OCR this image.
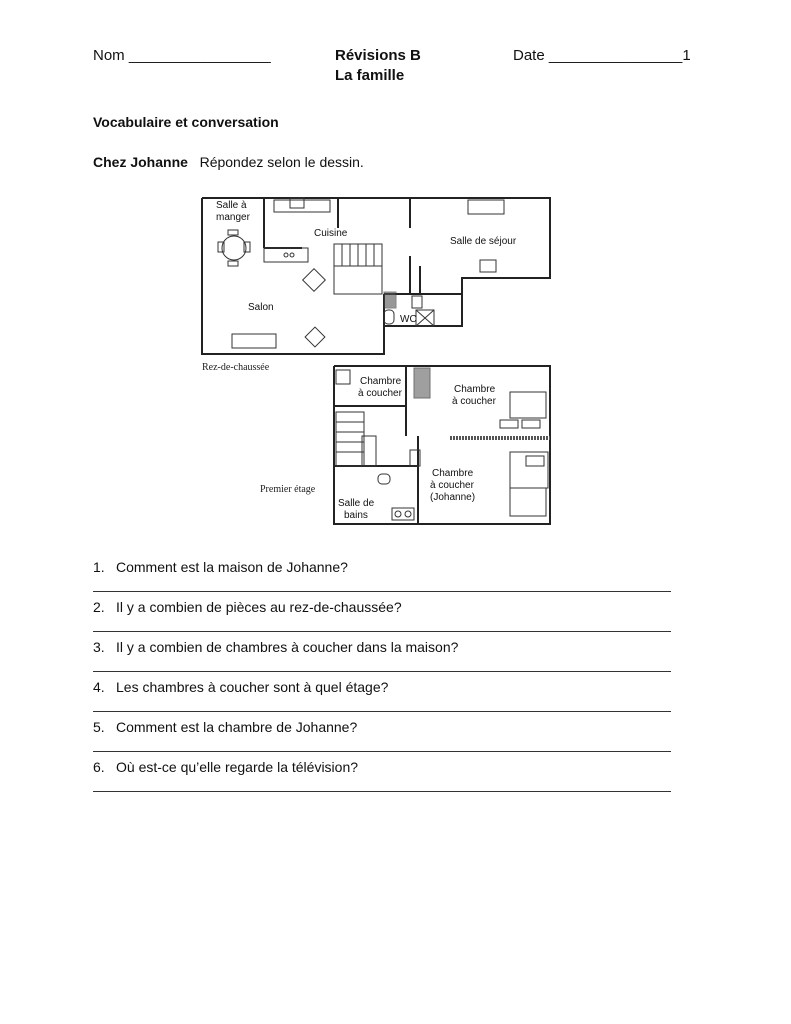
Nom _________________	Révisions B
La famille
Date ________________1
Vocabulaire et conversation
Chez Johanne Répondez selon le dessin.
Salle à
manger
Cuisine
Salle de séjour
Salon
WC
Chambre
à coucher	Chambre
à coucher
Chambre
à coucher
(Johanne)
Salle de
bains
Rez-de-chaussée
Premier étage
1. Comment est la maison de Johanne?
2. Il y a combien de pièces au rez-de-chaussée?
3. Il y a combien de chambres à coucher dans la maison?
4. Les chambres à coucher sont à quel étage?
5. Comment est la chambre de Johanne?
6. Où est-ce qu’elle regarde la télévision?
